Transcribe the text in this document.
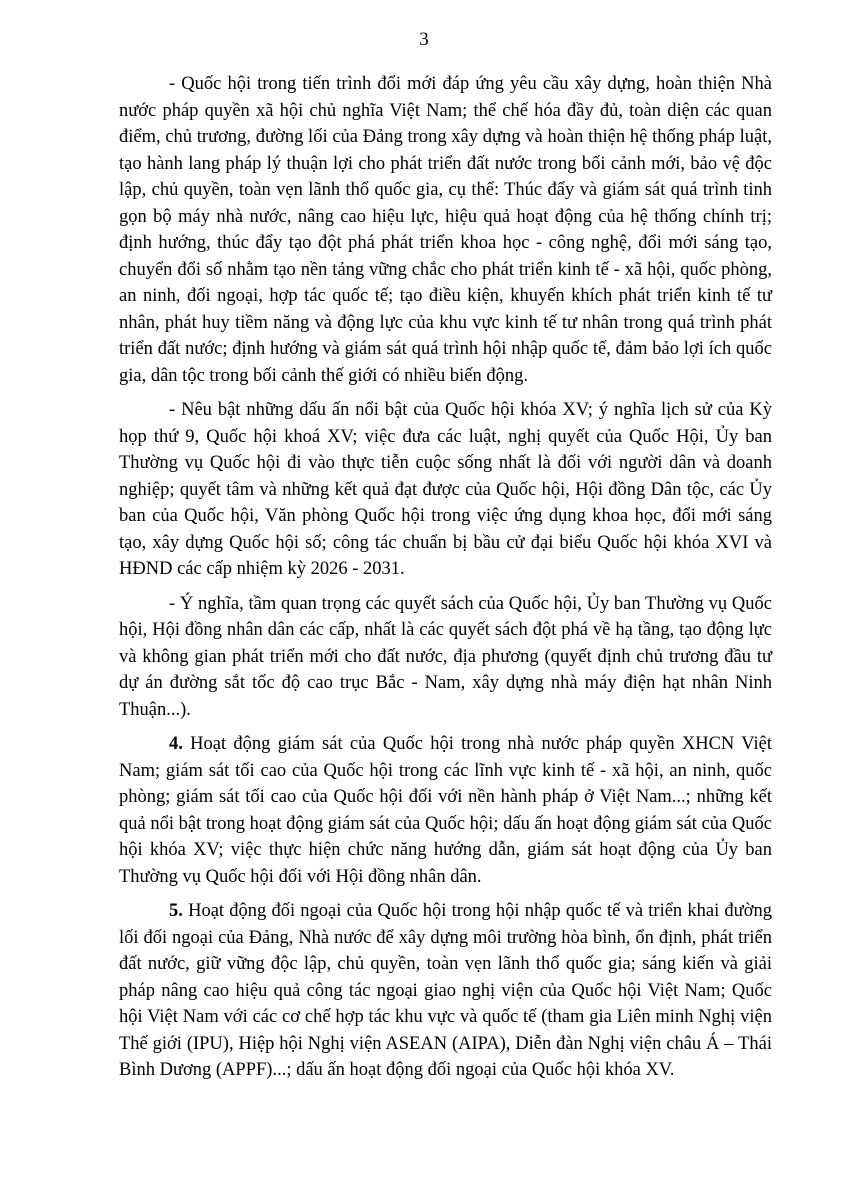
3

- Quốc hội trong tiến trình đổi mới đáp ứng yêu cầu xây dựng, hoàn thiện Nhà nước pháp quyền xã hội chủ nghĩa Việt Nam; thể chế hóa đầy đủ, toàn diện các quan điểm, chủ trương, đường lối của Đảng trong xây dựng và hoàn thiện hệ thống pháp luật, tạo hành lang pháp lý thuận lợi cho phát triển đất nước trong bối cảnh mới, bảo vệ độc lập, chủ quyền, toàn vẹn lãnh thổ quốc gia, cụ thể: Thúc đẩy và giám sát quá trình tinh gọn bộ máy nhà nước, nâng cao hiệu lực, hiệu quả hoạt động của hệ thống chính trị; định hướng, thúc đẩy tạo đột phá phát triển khoa học - công nghệ, đổi mới sáng tạo, chuyển đổi số nhằm tạo nền tảng vững chắc cho phát triển kinh tế - xã hội, quốc phòng, an ninh, đối ngoại, hợp tác quốc tế; tạo điều kiện, khuyến khích phát triển kinh tế tư nhân, phát huy tiềm năng và động lực của khu vực kinh tế tư nhân trong quá trình phát triển đất nước; định hướng và giám sát quá trình hội nhập quốc tế, đảm bảo lợi ích quốc gia, dân tộc trong bối cảnh thế giới có nhiều biến động.

- Nêu bật những dấu ấn nổi bật của Quốc hội khóa XV; ý nghĩa lịch sử của Kỳ họp thứ 9, Quốc hội khoá XV; việc đưa các luật, nghị quyết của Quốc Hội, Ủy ban Thường vụ Quốc hội đi vào thực tiễn cuộc sống nhất là đối với người dân và doanh nghiệp; quyết tâm và những kết quả đạt được của Quốc hội, Hội đồng Dân tộc, các Ủy ban của Quốc hội, Văn phòng Quốc hội trong việc ứng dụng khoa học, đổi mới sáng tạo, xây dựng Quốc hội số; công tác chuẩn bị bầu cử đại biểu Quốc hội khóa XVI và HĐND các cấp nhiệm kỳ 2026 - 2031.

- Ý nghĩa, tầm quan trọng các quyết sách của Quốc hội, Ủy ban Thường vụ Quốc hội, Hội đồng nhân dân các cấp, nhất là các quyết sách đột phá về hạ tầng, tạo động lực và không gian phát triển mới cho đất nước, địa phương (quyết định chủ trương đầu tư dự án đường sắt tốc độ cao trục Bắc - Nam, xây dựng nhà máy điện hạt nhân Ninh Thuận...).

4. Hoạt động giám sát của Quốc hội trong nhà nước pháp quyền XHCN Việt Nam; giám sát tối cao của Quốc hội trong các lĩnh vực kinh tế - xã hội, an ninh, quốc phòng; giám sát tối cao của Quốc hội đối với nền hành pháp ở Việt Nam...; những kết quả nổi bật trong hoạt động giám sát của Quốc hội; dấu ấn hoạt động giám sát của Quốc hội khóa XV; việc thực hiện chức năng hướng dẫn, giám sát hoạt động của Ủy ban Thường vụ Quốc hội đối với Hội đồng nhân dân.

5. Hoạt động đối ngoại của Quốc hội trong hội nhập quốc tế và triển khai đường lối đối ngoại của Đảng, Nhà nước để xây dựng môi trường hòa bình, ổn định, phát triển đất nước, giữ vững độc lập, chủ quyền, toàn vẹn lãnh thổ quốc gia; sáng kiến và giải pháp nâng cao hiệu quả công tác ngoại giao nghị viện của Quốc hội Việt Nam; Quốc hội Việt Nam với các cơ chế hợp tác khu vực và quốc tế (tham gia Liên minh Nghị viện Thế giới (IPU), Hiệp hội Nghị viện ASEAN (AIPA), Diễn đàn Nghị viện châu Á – Thái Bình Dương (APPF)...; dấu ấn hoạt động đối ngoại của Quốc hội khóa XV.
